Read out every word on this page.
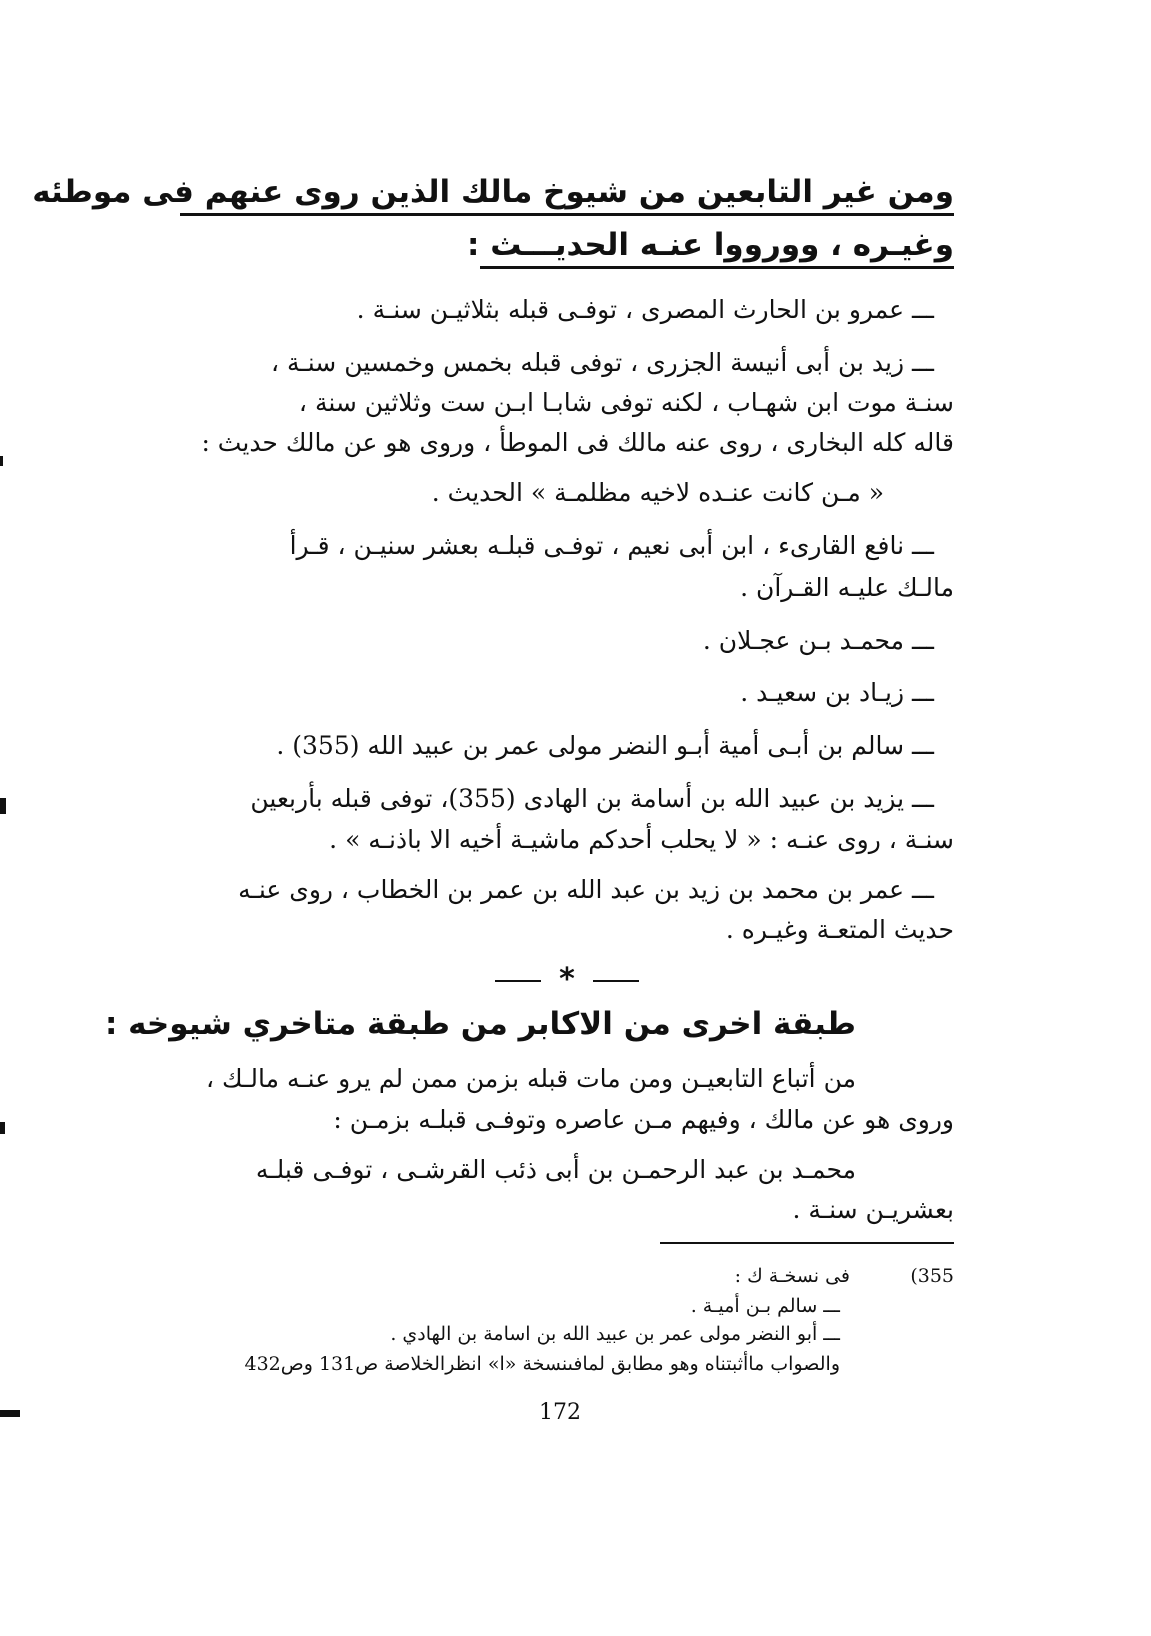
ومن غير التابعين من شيوخ مالك الذين روى عنهم فى موطئه
وغيـره ، وورووا عنـه الحديـــث :
ـــ عمرو بن الحارث المصرى ، توفـى قبله بثلاثيـن سنـة .
ـــ زيد بن أبى أنيسة الجزرى ، توفى قبله بخمس وخمسين سنـة ،
سنـة موت ابن شهـاب ، لكنه توفى شابـا ابـن ست وثلاثين سنة ،
قاله كله البخارى ، روى عنه مالك فى الموطأ ، وروى هو عن مالك حديث :
« مـن كانت عنـده لاخيه مظلمـة » الحديث .
ـــ نافع القارىء ، ابن أبى نعيم ، توفـى قبلـه بعشر سنيـن ، قـرأ
مالـك عليـه القـرآن .
ـــ محمـد بـن عجـلان .
ـــ زيـاد بن سعيـد .
ـــ سالم بن أبـى أمية أبـو النضر مولى عمر بن عبيد الله (355) .
ـــ يزيد بن عبيد الله بن أسامة بن الهادى (355)، توفى قبله بأربعين
سنـة ، روى عنـه : « لا يحلب أحدكم ماشيـة أخيه الا باذنـه » .
ـــ عمر بن محمد بن زيد بن عبد الله بن عمر بن الخطاب ، روى عنـه
حديث المتعـة وغيـره .
*
طبقة اخرى من الاكابر من طبقة متاخري شيوخه :
من أتباع التابعيـن ومن مات قبله بزمن ممن لم يرو عنـه مالـك ،
وروى هو عن مالك ، وفيهم مـن عاصره وتوفـى قبلـه بزمـن :
محمـد بن عبد الرحمـن بن أبى ذئب القرشـى ، توفـى قبلـه
بعشريـن سنـة .
(355
فى نسخـة ك :
ـــ سالم بـن أميـة .
ـــ أبو النضر مولى عمر بن عبيد الله بن اسامة بن الهادي .
والصواب ماأثبتناه وهو مطابق لمافىنسخة «ا» انظرالخلاصة ص131 وص432
172
